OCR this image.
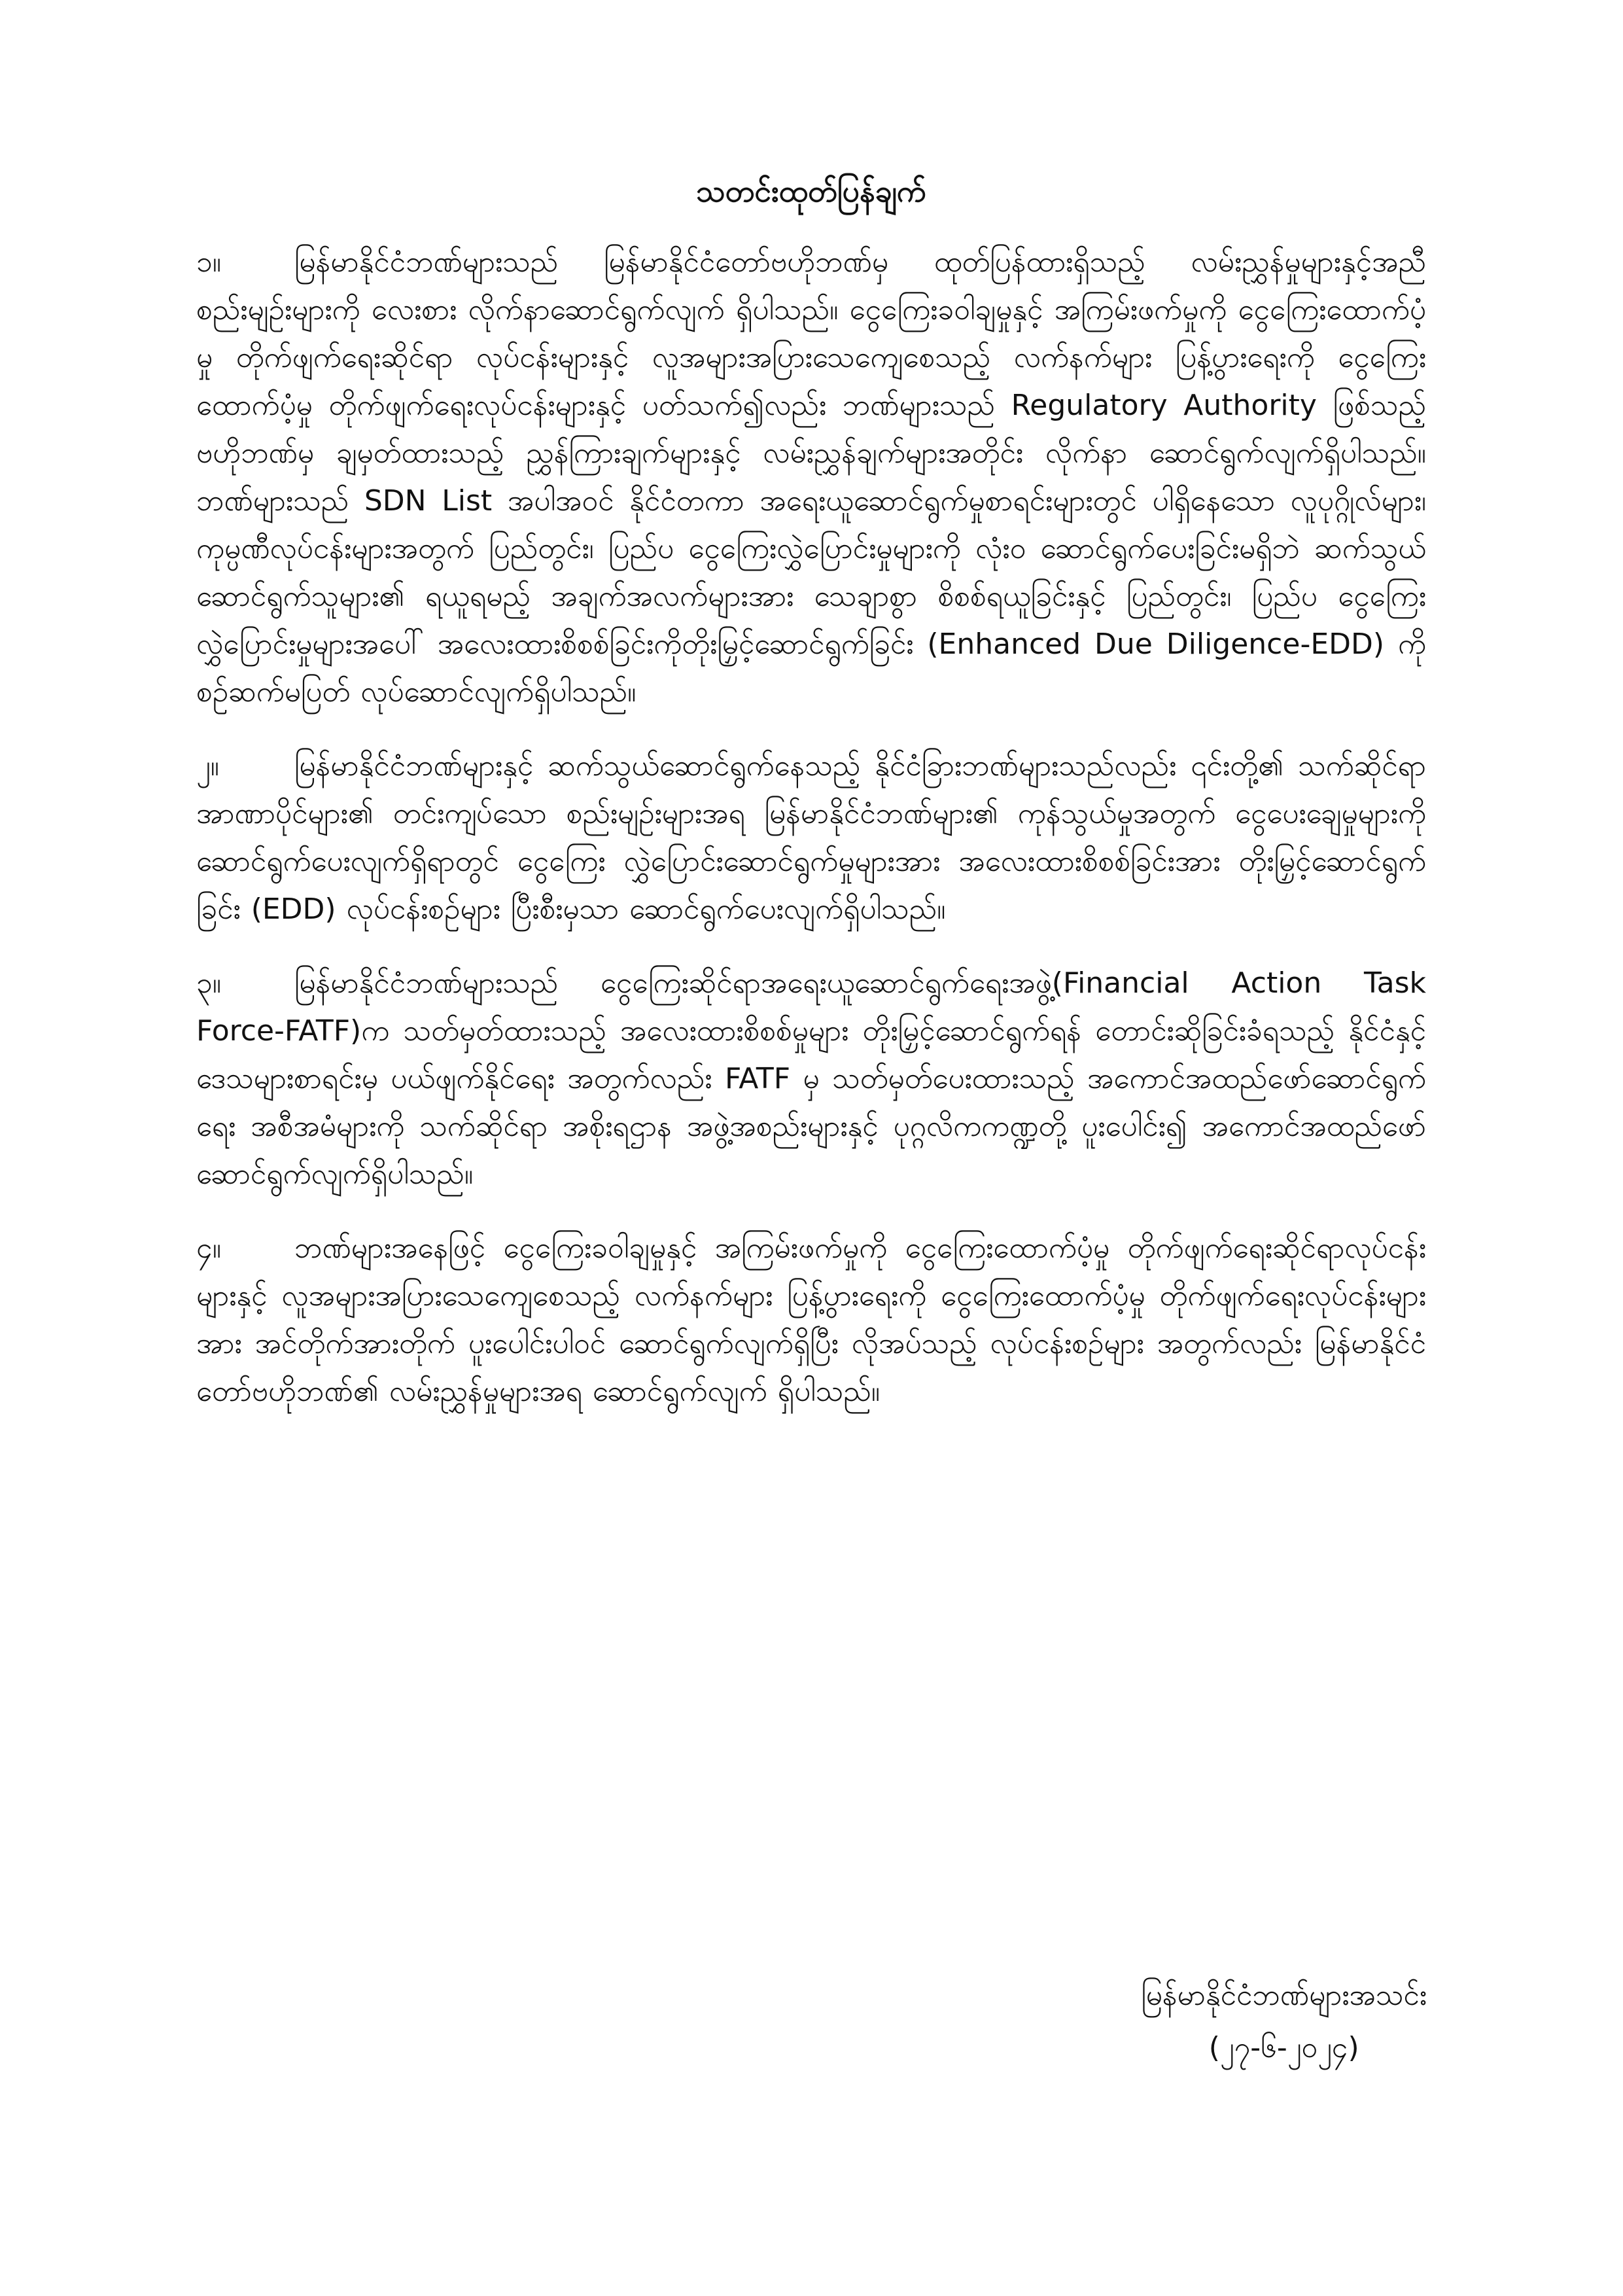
သတင်းထုတ်ပြန်ချက်

၁။	မြန်မာနိုင်ငံဘဏ်များသည် မြန်မာနိုင်ငံတော်ဗဟိုဘဏ်မှ ထုတ်ပြန်ထားရှိသည့် လမ်းညွှန်မှုများနှင့်အညီ စည်းမျဉ်းများကို လေးစား လိုက်နာဆောင်ရွက်လျက် ရှိပါသည်။ ငွေကြေးခဝါချမှုနှင့် အကြမ်းဖက်မှုကို ငွေကြေးထောက်ပံ့မှု တိုက်ဖျက်ရေးဆိုင်ရာ လုပ်ငန်းများနှင့် လူအများအပြားသေကျေစေသည့် လက်နက်များ ပြန့်ပွားရေးကို ငွေကြေးထောက်ပံ့မှု တိုက်ဖျက်ရေးလုပ်ငန်းများနှင့် ပတ်သက်၍လည်း ဘဏ်များသည် Regulatory Authority ဖြစ်သည့် ဗဟိုဘဏ်မှ ချမှတ်ထားသည့် ညွှန်ကြားချက်များနှင့် လမ်းညွှန်ချက်များအတိုင်း လိုက်နာ ဆောင်ရွက်လျက်ရှိပါသည်။ ဘဏ်များသည် SDN List အပါအဝင် နိုင်ငံတကာ အရေးယူဆောင်ရွက်မှုစာရင်းများတွင် ပါရှိနေသော လူပုဂ္ဂိုလ်များ၊ ကုမ္ပဏီလုပ်ငန်းများအတွက် ပြည်တွင်း၊ ပြည်ပ ငွေကြေးလွှဲပြောင်းမှုများကို လုံးဝ ဆောင်ရွက်ပေးခြင်းမရှိဘဲ ဆက်သွယ်ဆောင်ရွက်သူများ၏ ရယူရမည့် အချက်အလက်များအား သေချာစွာ စိစစ်ရယူခြင်းနှင့် ပြည်တွင်း၊ ပြည်ပ ငွေကြေးလွှဲပြောင်းမှုများအပေါ် အလေးထားစိစစ်ခြင်းကိုတိုးမြှင့်ဆောင်ရွက်ခြင်း (Enhanced Due Diligence-EDD) ကို စဉ်ဆက်မပြတ် လုပ်ဆောင်လျက်ရှိပါသည်။

၂။	မြန်မာနိုင်ငံဘဏ်များနှင့် ဆက်သွယ်ဆောင်ရွက်နေသည့် နိုင်ငံခြားဘဏ်များသည်လည်း ၎င်းတို့၏ သက်ဆိုင်ရာအာဏာပိုင်များ၏ တင်းကျပ်သော စည်းမျဉ်းများအရ မြန်မာနိုင်ငံဘဏ်များ၏ ကုန်သွယ်မှုအတွက် ငွေပေးချေမှုများကို ဆောင်ရွက်ပေးလျက်ရှိရာတွင် ငွေကြေး လွှဲပြောင်းဆောင်ရွက်မှုများအား အလေးထားစိစစ်ခြင်းအား တိုးမြှင့်ဆောင်ရွက်ခြင်း (EDD) လုပ်ငန်းစဉ်များ ပြီးစီးမှသာ ဆောင်ရွက်ပေးလျက်ရှိပါသည်။

၃။	မြန်မာနိုင်ငံဘဏ်များသည် ငွေကြေးဆိုင်ရာအရေးယူဆောင်ရွက်ရေးအဖွဲ့(Financial Action Task Force-FATF)က သတ်မှတ်ထားသည့် အလေးထားစိစစ်မှုများ တိုးမြှင့်ဆောင်ရွက်ရန် တောင်းဆိုခြင်းခံရသည့် နိုင်ငံနှင့် ဒေသများစာရင်းမှ ပယ်ဖျက်နိုင်ရေး အတွက်လည်း FATF မှ သတ်မှတ်ပေးထားသည့် အကောင်အထည်ဖော်ဆောင်ရွက်ရေး အစီအမံများကို သက်ဆိုင်ရာ အစိုးရဌာန အဖွဲ့အစည်းများနှင့် ပုဂ္ဂလိကကဏ္ဍတို့ ပူးပေါင်း၍ အကောင်အထည်ဖော် ဆောင်ရွက်လျက်ရှိပါသည်။

၄။	ဘဏ်များအနေဖြင့် ငွေကြေးခဝါချမှုနှင့် အကြမ်းဖက်မှုကို ငွေကြေးထောက်ပံ့မှု တိုက်ဖျက်ရေးဆိုင်ရာလုပ်ငန်းများနှင့် လူအများအပြားသေကျေစေသည့် လက်နက်များ ပြန့်ပွားရေးကို ငွေကြေးထောက်ပံ့မှု တိုက်ဖျက်ရေးလုပ်ငန်းများအား အင်တိုက်အားတိုက် ပူးပေါင်းပါဝင် ဆောင်ရွက်လျက်ရှိပြီး လိုအပ်သည့် လုပ်ငန်းစဉ်များ အတွက်လည်း မြန်မာနိုင်ငံတော်ဗဟိုဘဏ်၏ လမ်းညွှန်မှုများအရ ဆောင်ရွက်လျက် ရှိပါသည်။

မြန်မာနိုင်ငံဘဏ်များအသင်း
(၂၇-၆-၂၀၂၄)
